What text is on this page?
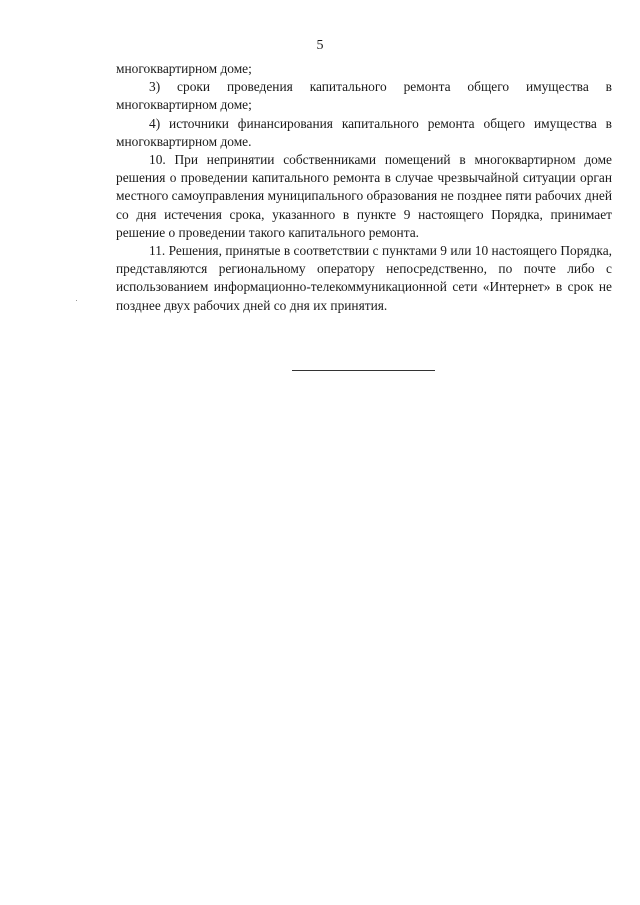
5

многоквартирном доме;

3) сроки проведения капитального ремонта общего имущества в многоквартирном доме;

4) источники финансирования капитального ремонта общего имущества в многоквартирном доме.

10. При непринятии собственниками помещений в многоквартирном доме решения о проведении капитального ремонта в случае чрезвычайной ситуации орган местного самоуправления муниципального образования не позднее пяти рабочих дней со дня истечения срока, указанного в пункте 9 настоящего Порядка, принимает решение о проведении такого капитального ремонта.

11. Решения, принятые в соответствии с пунктами 9 или 10 настоящего Порядка, представляются региональному оператору непосредственно, по почте либо с использованием информационно-телекоммуникационной сети «Интернет» в срок не позднее двух рабочих дней со дня их принятия.
